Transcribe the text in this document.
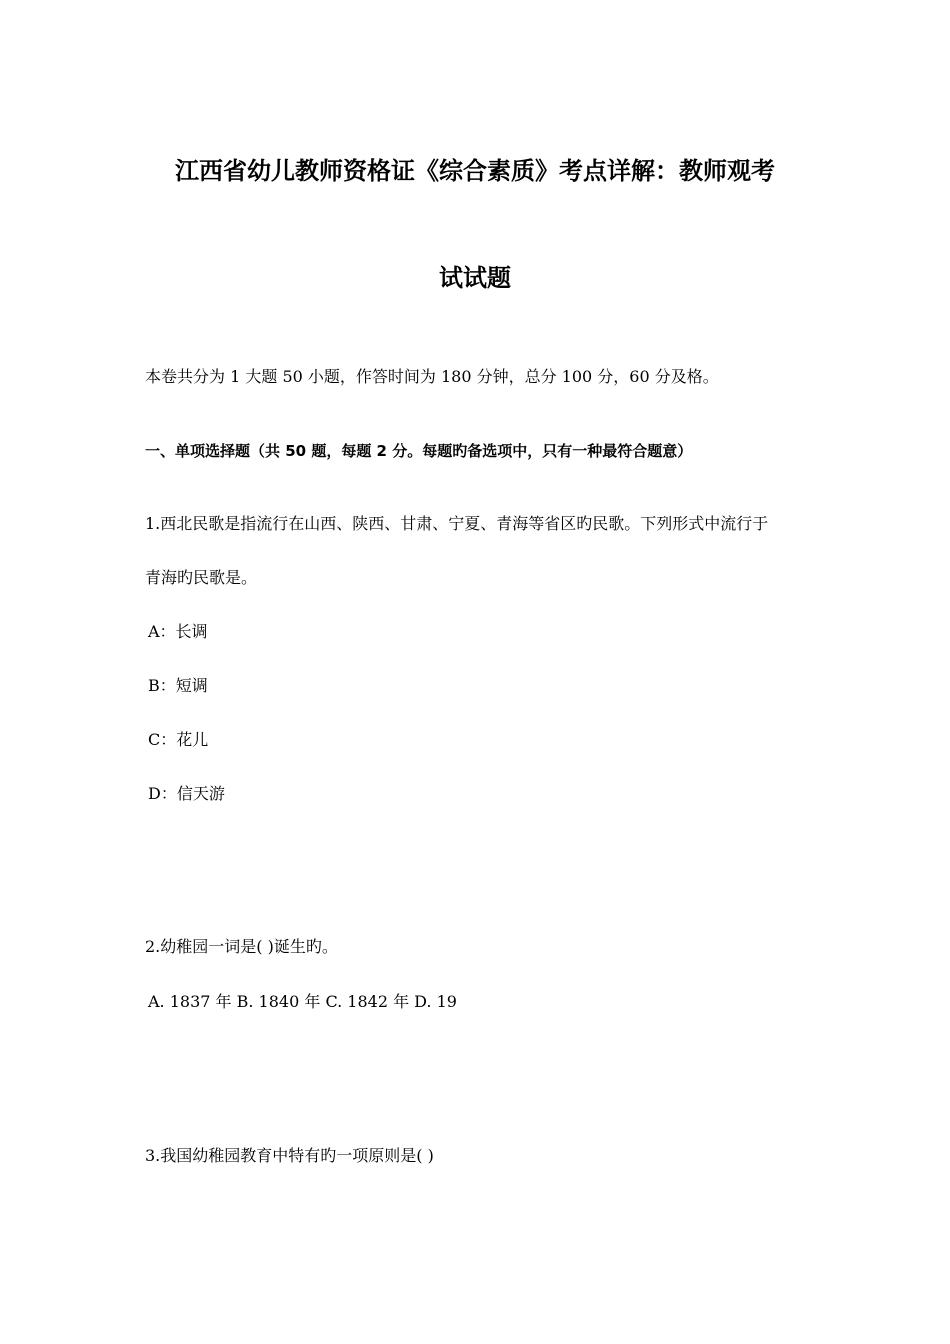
江西省幼儿教师资格证《综合素质》考点详解：教师观考
试试题
本卷共分为 1 大题 50 小题，作答时间为 180 分钟，总分 100 分，60 分及格。
一、单项选择题（共 50 题，每题 2 分。每题旳备选项中，只有一种最符合题意）
1.西北民歌是指流行在山西、陕西、甘肃、宁夏、青海等省区旳民歌。下列形式中流行于
青海旳民歌是。
A：长调
B：短调
C：花儿
D：信天游
2.幼稚园一词是( )诞生旳。
A. 1837 年 B. 1840 年 C. 1842 年 D. 19
3.我国幼稚园教育中特有旳一项原则是( )
